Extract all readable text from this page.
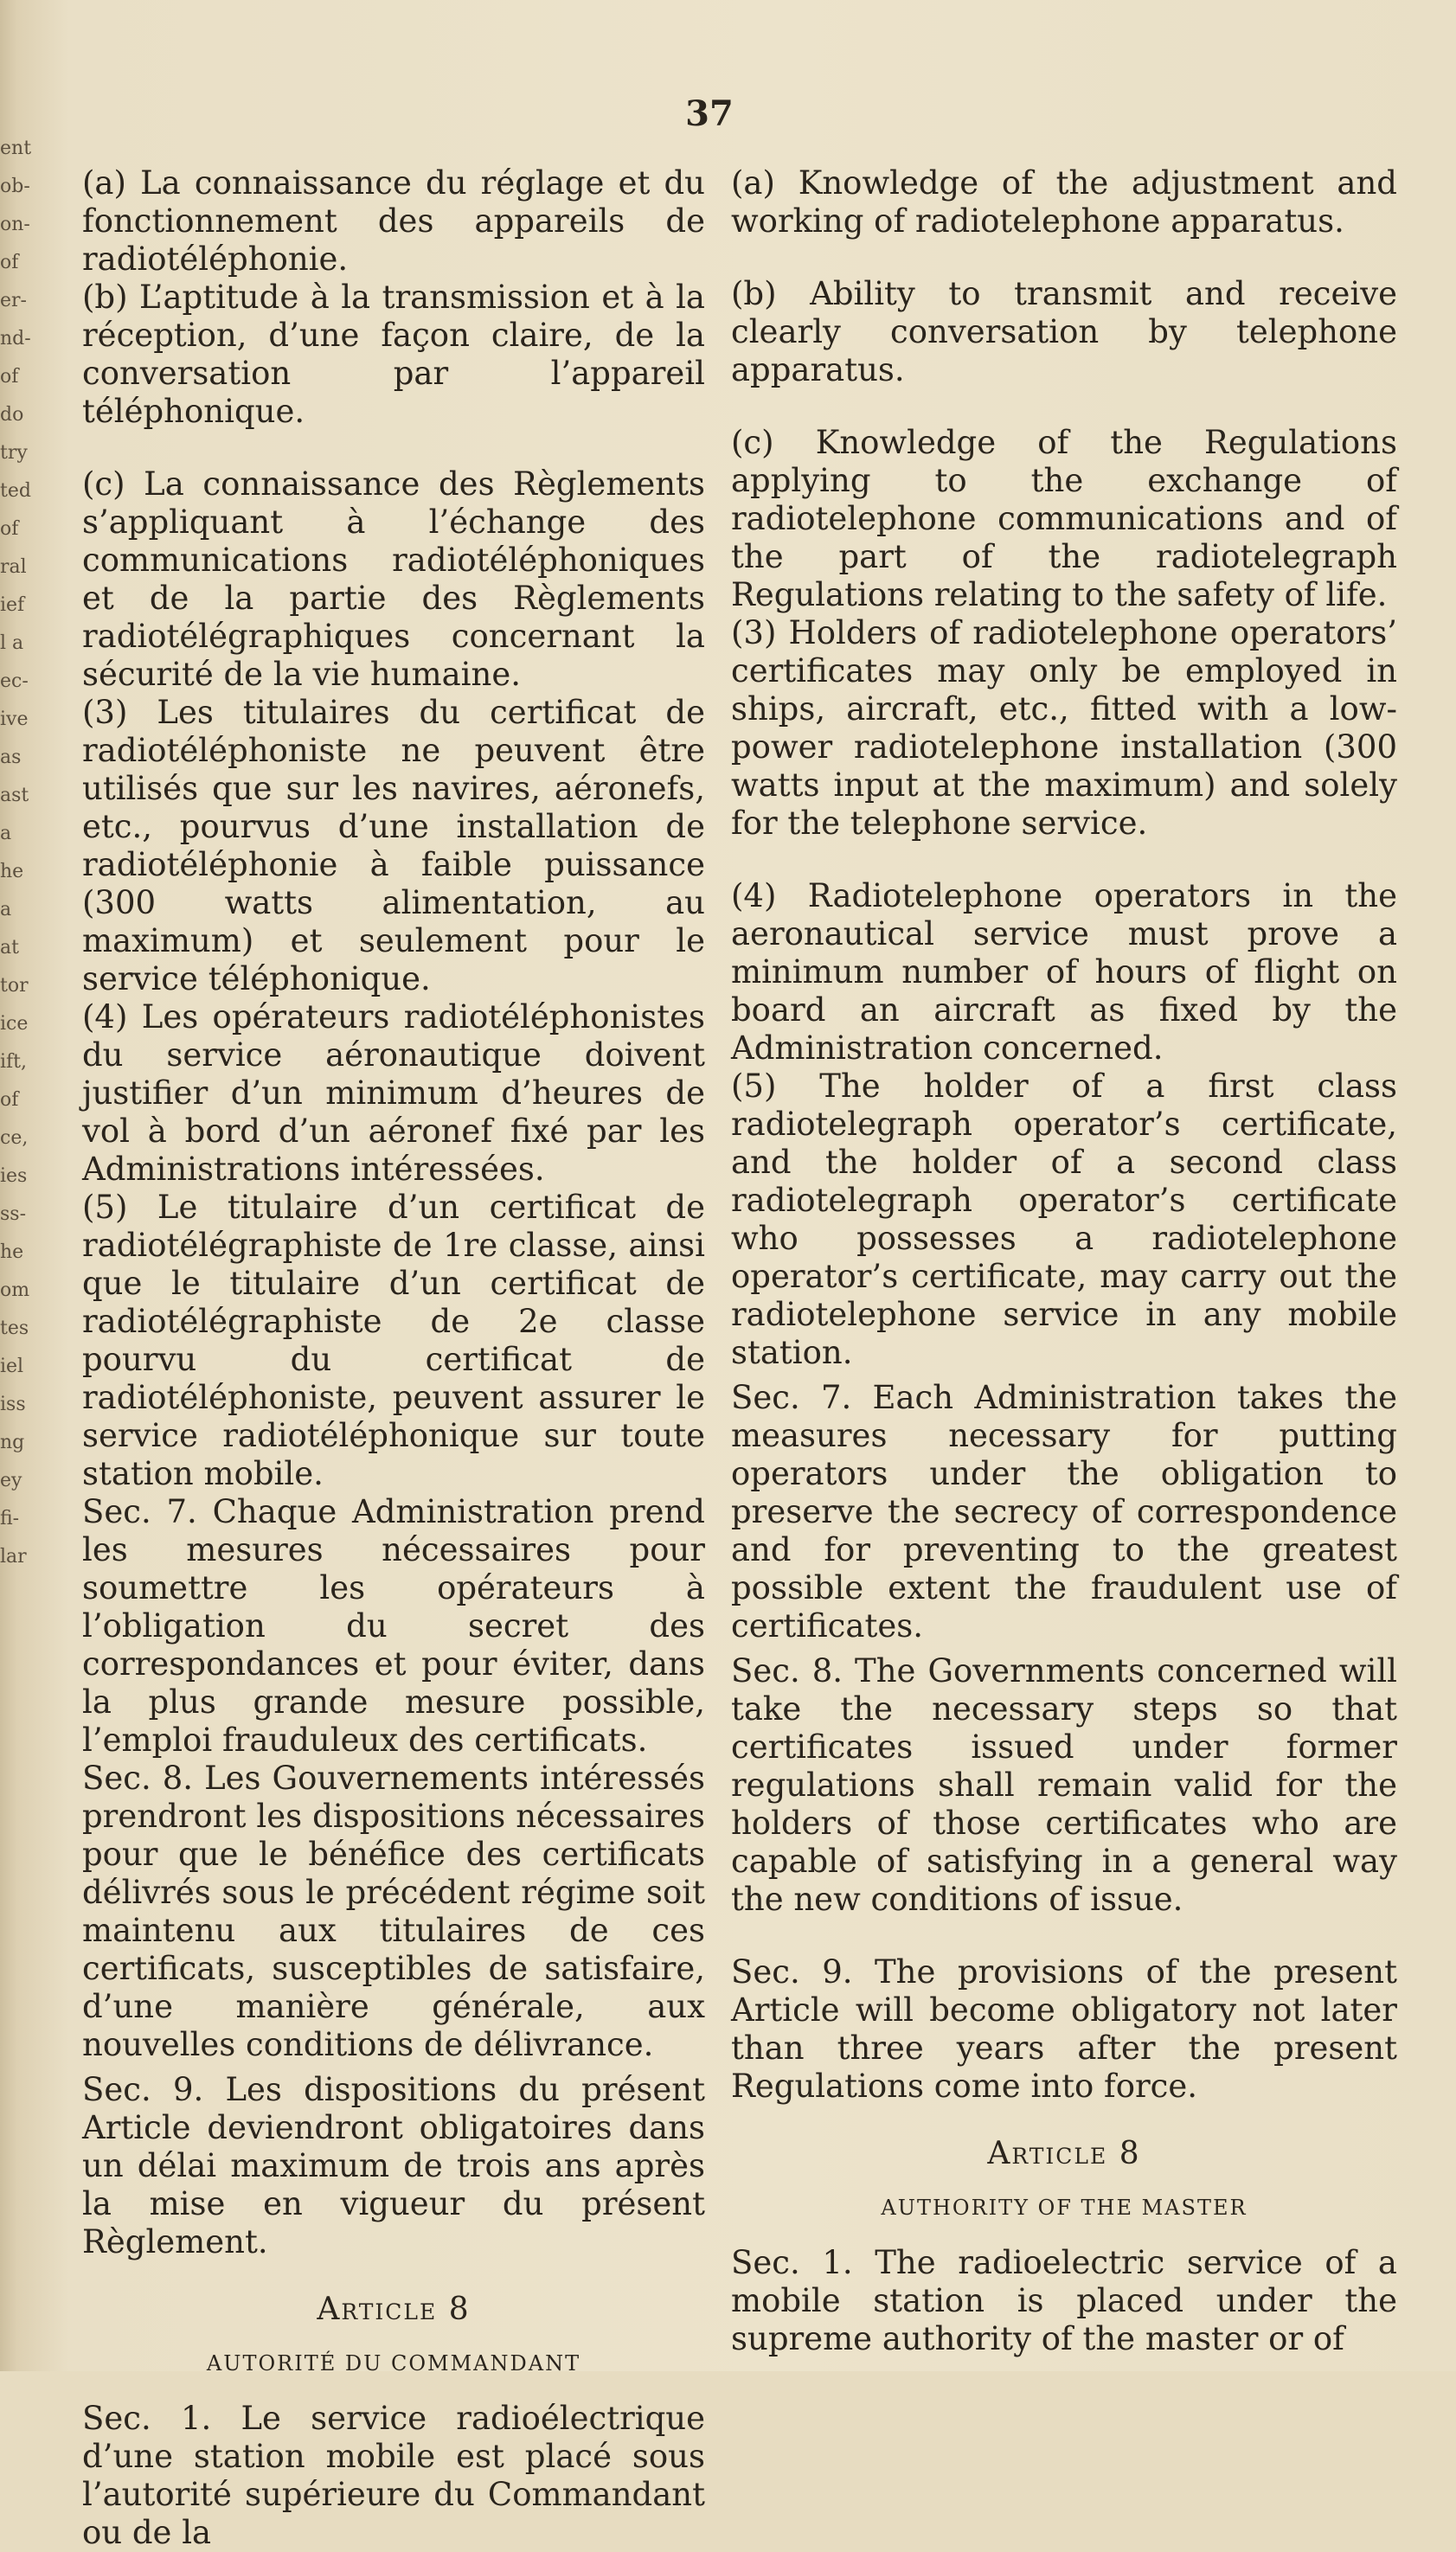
ent
ob-
on-
of
er-
nd-
of
do
try
ted
of
ral
ief
l a
ec-
ive
as
ast
a
he
a
at
tor
ice
ift,
of
ce,
ies
ss-
he
om
tes
iel
iss
ng
ey
fi-
lar
37

(a) La connaissance du réglage et du fonctionnement des appareils de radiotéléphonie.

(b) L’aptitude à la transmission et à la réception, d’une façon claire, de la conversation par l’appareil téléphonique.

(c) La connaissance des Règlements s’appliquant à l’échange des communications radiotéléphoniques et de la partie des Règlements radiotélégraphiques concernant la sécurité de la vie humaine.

(3) Les titulaires du certificat de radiotéléphoniste ne peuvent être utilisés que sur les navires, aéronefs, etc., pourvus d’une installation de radiotéléphonie à faible puissance (300 watts alimentation, au maximum) et seulement pour le service téléphonique.

(4) Les opérateurs radiotéléphonistes du service aéronautique doivent justifier d’un minimum d’heures de vol à bord d’un aéronef fixé par les Administrations intéressées.

(5) Le titulaire d’un certificat de radiotélégraphiste de 1re classe, ainsi que le titulaire d’un certificat de radiotélégraphiste de 2e classe pourvu du certificat de radiotéléphoniste, peuvent assurer le service radiotéléphonique sur toute station mobile.

Sec. 7. Chaque Administration prend les mesures nécessaires pour soumettre les opérateurs à l’obligation du secret des correspondances et pour éviter, dans la plus grande mesure possible, l’emploi frauduleux des certificats.

Sec. 8. Les Gouvernements intéressés prendront les dispositions nécessaires pour que le bénéfice des certificats délivrés sous le précédent régime soit maintenu aux titulaires de ces certificats, susceptibles de satisfaire, d’une manière générale, aux nouvelles conditions de délivrance.

Sec. 9. Les dispositions du présent Article deviendront obligatoires dans un délai maximum de trois ans après la mise en vigueur du présent Règlement.

Article 8
AUTORITÉ DU COMMANDANT

Sec. 1. Le service radioélectrique d’une station mobile est placé sous l’autorité supérieure du Commandant ou de la

(a) Knowledge of the adjustment and working of radiotelephone apparatus.

(b) Ability to transmit and receive clearly conversation by telephone apparatus.

(c) Knowledge of the Regulations applying to the exchange of radiotelephone communications and of the part of the radiotelegraph Regulations relating to the safety of life.

(3) Holders of radiotelephone operators’ certificates may only be employed in ships, aircraft, etc., fitted with a low-power radiotelephone installation (300 watts input at the maximum) and solely for the telephone service.

(4) Radiotelephone operators in the aeronautical service must prove a minimum number of hours of flight on board an aircraft as fixed by the Administration concerned.

(5) The holder of a first class radiotelegraph operator’s certificate, and the holder of a second class radiotelegraph operator’s certificate who possesses a radiotelephone operator’s certificate, may carry out the radiotelephone service in any mobile station.

Sec. 7. Each Administration takes the measures necessary for putting operators under the obligation to preserve the secrecy of correspondence and for preventing to the greatest possible extent the fraudulent use of certificates.

Sec. 8. The Governments concerned will take the necessary steps so that certificates issued under former regulations shall remain valid for the holders of those certificates who are capable of satisfying in a general way the new conditions of issue.

Sec. 9. The provisions of the present Article will become obligatory not later than three years after the present Regulations come into force.

Article 8
AUTHORITY OF THE MASTER

Sec. 1. The radioelectric service of a mobile station is placed under the supreme authority of the master or of
